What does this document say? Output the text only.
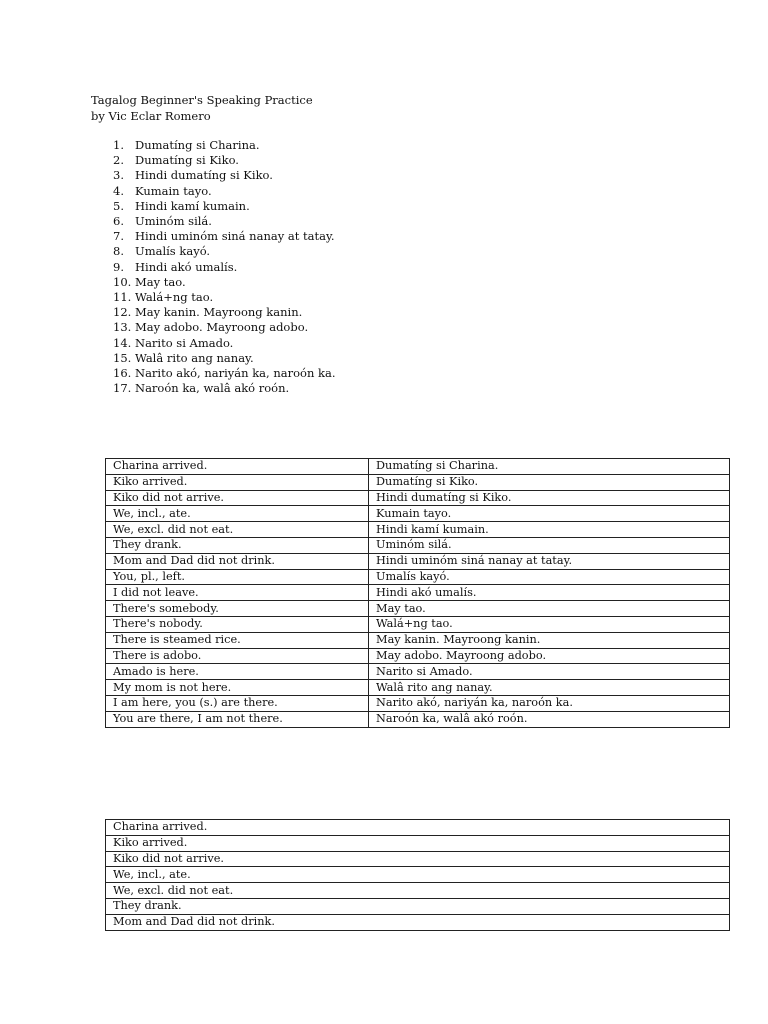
Tagalog Beginner's Speaking Practice
by Vic Eclar Romero
1. Dumatíng si Charina.
2. Dumatíng si Kiko.
3. Hindi dumatíng si Kiko.
4. Kumain tayo.
5. Hindi kamí kumain.
6. Uminóm silá.
7. Hindi uminóm siná nanay at tatay.
8. Umalís kayó.
9. Hindi akó umalís.
10. May tao.
11. Walá+ng tao.
12. May kanin. Mayroong kanin.
13. May adobo. Mayroong adobo.
14. Narito si Amado.
15. Walâ rito ang nanay.
16. Narito akó, nariyán ka, naroón ka.
17. Naroón ka, walâ akó roón.
Charina arrived.	Dumatíng si Charina.
Kiko arrived.	Dumatíng si Kiko.
Kiko did not arrive.	Hindi dumatíng si Kiko.
We, incl., ate.	Kumain tayo.
We, excl. did not eat.	Hindi kamí kumain.
They drank.	Uminóm silá.
Mom and Dad did not drink.	Hindi uminóm siná nanay at tatay.
You, pl., left.	Umalís kayó.
I did not leave.	Hindi akó umalís.
There's somebody.	May tao.
There's nobody.	Walá+ng tao.
There is steamed rice.	May kanin. Mayroong kanin.
There is adobo.	May adobo. Mayroong adobo.
Amado is here.	Narito si Amado.
My mom is not here.	Walâ rito ang nanay.
I am here, you (s.) are there.	Narito akó, nariyán ka, naroón ka.
You are there, I am not there.	Naroón ka, walâ akó roón.
Charina arrived.
Kiko arrived.
Kiko did not arrive.
We, incl., ate.
We, excl. did not eat.
They drank.
Mom and Dad did not drink.
